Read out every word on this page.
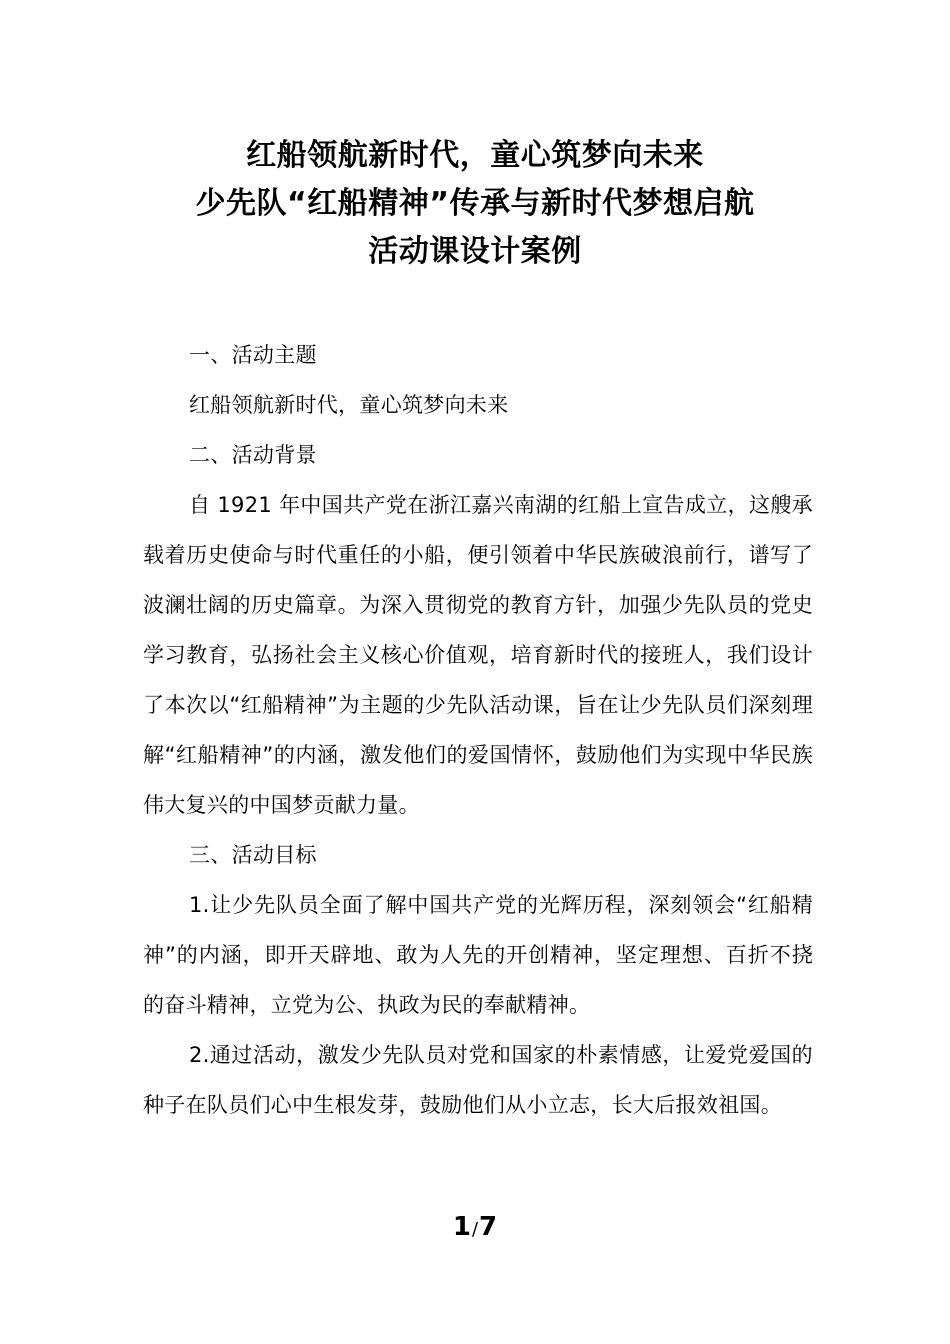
红船领航新时代，童心筑梦向未来
少先队“红船精神”传承与新时代梦想启航
活动课设计案例

一、活动主题

红船领航新时代，童心筑梦向未来

二、活动背景

自 1921 年中国共产党在浙江嘉兴南湖的红船上宣告成立，这艘承载着历史使命与时代重任的小船，便引领着中华民族破浪前行，谱写了波澜壮阔的历史篇章。为深入贯彻党的教育方针，加强少先队员的党史学习教育，弘扬社会主义核心价值观，培育新时代的接班人，我们设计了本次以“红船精神”为主题的少先队活动课，旨在让少先队员们深刻理解“红船精神”的内涵，激发他们的爱国情怀，鼓励他们为实现中华民族伟大复兴的中国梦贡献力量。

三、活动目标

1.让少先队员全面了解中国共产党的光辉历程，深刻领会“红船精神”的内涵，即开天辟地、敢为人先的开创精神，坚定理想、百折不挠的奋斗精神，立党为公、执政为民的奉献精神。

2.通过活动，激发少先队员对党和国家的朴素情感，让爱党爱国的种子在队员们心中生根发芽，鼓励他们从小立志，长大后报效祖国。

1/7
